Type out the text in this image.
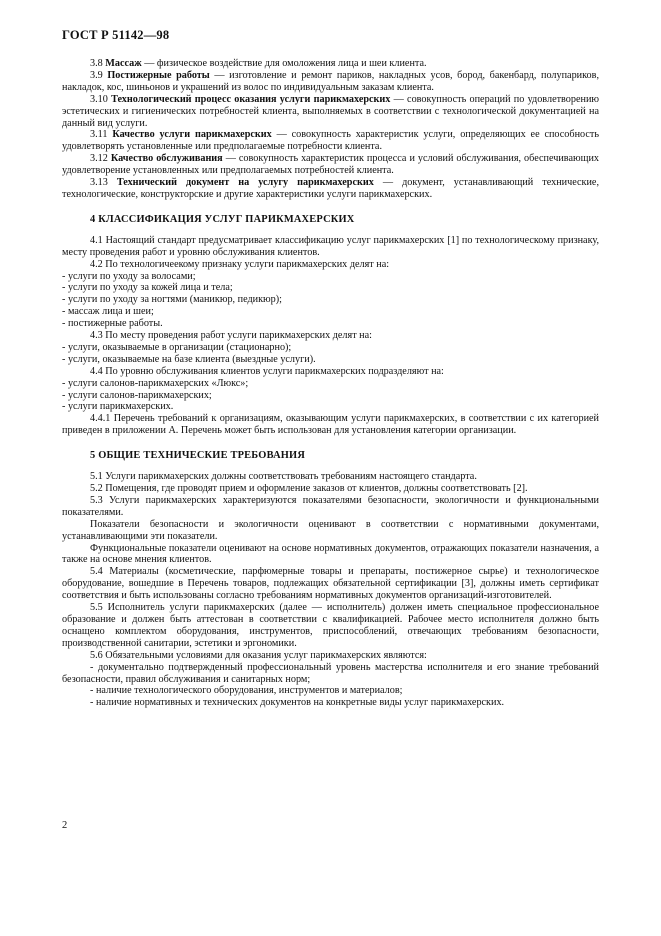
ГОСТ Р 51142—98

3.8 Массаж — физическое воздействие для омоложения лица и шеи клиента.

3.9 Постижерные работы — изготовление и ремонт париков, накладных усов, бород, бакенбард, полупариков, накладок, кос, шиньонов и украшений из волос по индивидуальным заказам клиента.

3.10 Технологический процесс оказания услуги парикмахерских — совокупность операций по удовлетворению эстетических и гигиенических потребностей клиента, выполняемых в соответствии с технологической документацией на данный вид услуги.

3.11 Качество услуги парикмахерских — совокупность характеристик услуги, определяющих ее способность удовлетворять установленные или предполагаемые потребности клиента.

3.12 Качество обслуживания — совокупность характеристик процесса и условий обслуживания, обеспечивающих удовлетворение установленных или предполагаемых потребностей клиента.

3.13 Технический документ на услугу парикмахерских — документ, устанавливающий технические, технологические, конструкторские и другие характеристики услуги парикмахерских.

4 КЛАССИФИКАЦИЯ УСЛУГ ПАРИКМАХЕРСКИХ

4.1 Настоящий стандарт предусматривает классификацию услуг парикмахерских [1] по технологическому признаку, месту проведения работ и уровню обслуживания клиентов.

4.2 По технологичеекому признаку услуги парикмахерских делят на:

- услуги по уходу за волосами;

- услуги по уходу за кожей лица и тела;

- услуги по уходу за ногтями (маникюр, педикюр);

- массаж лица и шеи;

- постижерные работы.

4.3 По месту проведения работ услуги парикмахерских делят на:

- услуги, оказываемые в организации (стационарно);

- услуги, оказываемые на базе клиента (выездные услуги).

4.4 По уровню обслуживания клиентов услуги парикмахерских подразделяют на:

- услуги салонов-парикмахерских «Люкс»;

- услуги салонов-парикмахерских;

- услуги парикмахерских.

4.4.1 Перечень требований к организациям, оказывающим услуги парикмахерских, в соответствии с их категорией приведен в приложении А. Перечень может быть использован для установления категории организации.

5 ОБЩИЕ ТЕХНИЧЕСКИЕ ТРЕБОВАНИЯ

5.1 Услуги парикмахерских должны соответствовать требованиям настоящего стандарта.

5.2 Помещения, где проводят прием и оформление заказов от клиентов, должны соответствовать [2].

5.3 Услуги парикмахерских характеризуются показателями безопасности, экологичности и функциональными показателями.

Показатели безопасности и экологичности оценивают в соответствии с нормативными документами, устанавливающими эти показатели.

Функциональные показатели оценивают на основе нормативных документов, отражающих показатели назначения, а также на основе мнения клиентов.

5.4 Материалы (косметические, парфюмерные товары и препараты, постижерное сырье) и технологическое оборудование, вошедшие в Перечень товаров, подлежащих обязательной сертификации [3], должны иметь сертификат соответствия и быть использованы согласно требованиям нормативных документов организаций-изготовителей.

5.5 Исполнитель услуги парикмахерских (далее — исполнитель) должен иметь специальное профессиональное образование и должен быть аттестован в соответствии с квалификацией. Рабочее место исполнителя должно быть оснащено комплектом оборудования, инструментов, приспособлений, отвечающих требованиям безопасности, производственной санитарии, эстетики и эргономики.

5.6 Обязательными условиями для оказания услуг парикмахерских являются:

- документально подтвержденный профессиональный уровень мастерства исполнителя и его знание требований безопасности, правил обслуживания и санитарных норм;

- наличие технологического оборудования, инструментов и материалов;

- наличие нормативных и технических документов на конкретные виды услуг парикмахерских.

2
